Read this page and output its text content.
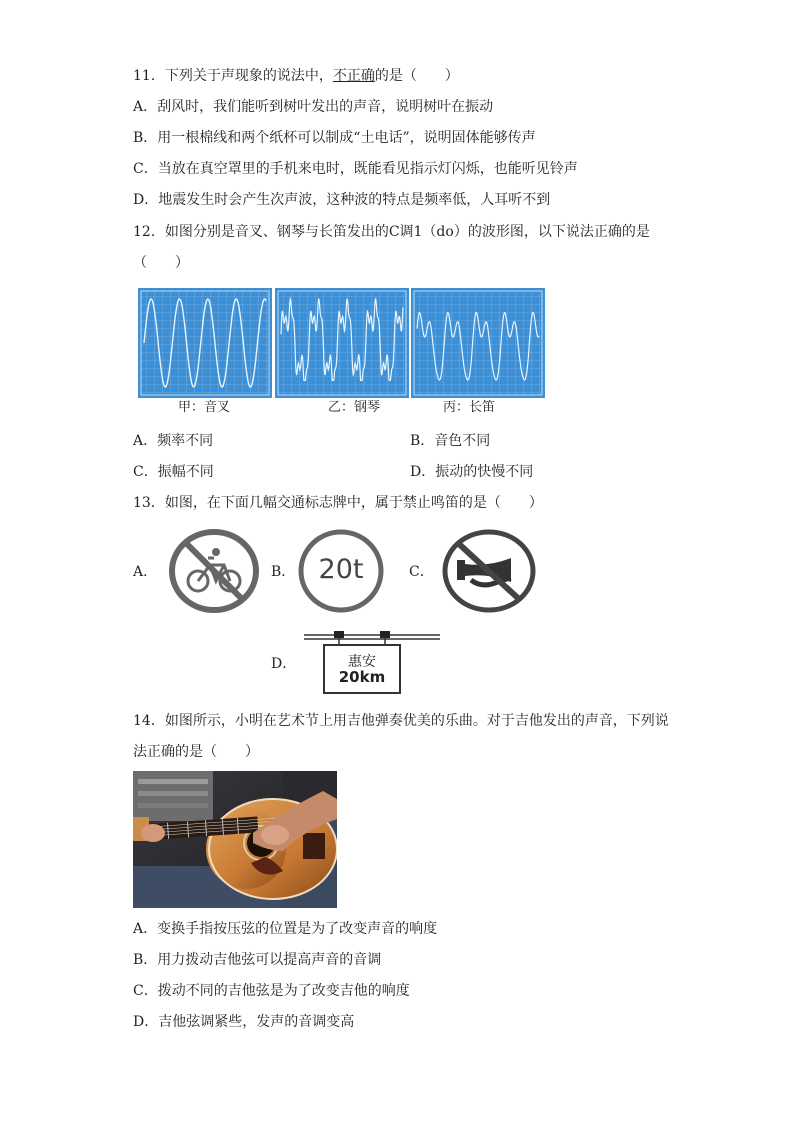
11．下列关于声现象的说法中，不正确的是（　　）
A．刮风时，我们能听到树叶发出的声音，说明树叶在振动
B．用一根棉线和两个纸杯可以制成“土电话”，说明固体能够传声
C．当放在真空罩里的手机来电时，既能看见指示灯闪烁，也能听见铃声
D．地震发生时会产生次声波，这种波的特点是频率低，人耳听不到
12．如图分别是音叉、钢琴与长笛发出的C调1（do）的波形图，以下说法正确的是
（　　）
甲：音叉	乙：钢琴	丙：长笛
A．频率不同	B．音色不同
C．振幅不同	D．振动的快慢不同
13．如图，在下面几幅交通标志牌中，属于禁止鸣笛的是（　　）
A．	B． 20t	C．
D．	惠安
20km
14．如图所示，小明在艺术节上用吉他弹奏优美的乐曲。对于吉他发出的声音，下列说
法正确的是（　　）
A．变换手指按压弦的位置是为了改变声音的响度
B．用力拨动吉他弦可以提高声音的音调
C．拨动不同的吉他弦是为了改变吉他的响度
D．吉他弦调紧些，发声的音调变高
